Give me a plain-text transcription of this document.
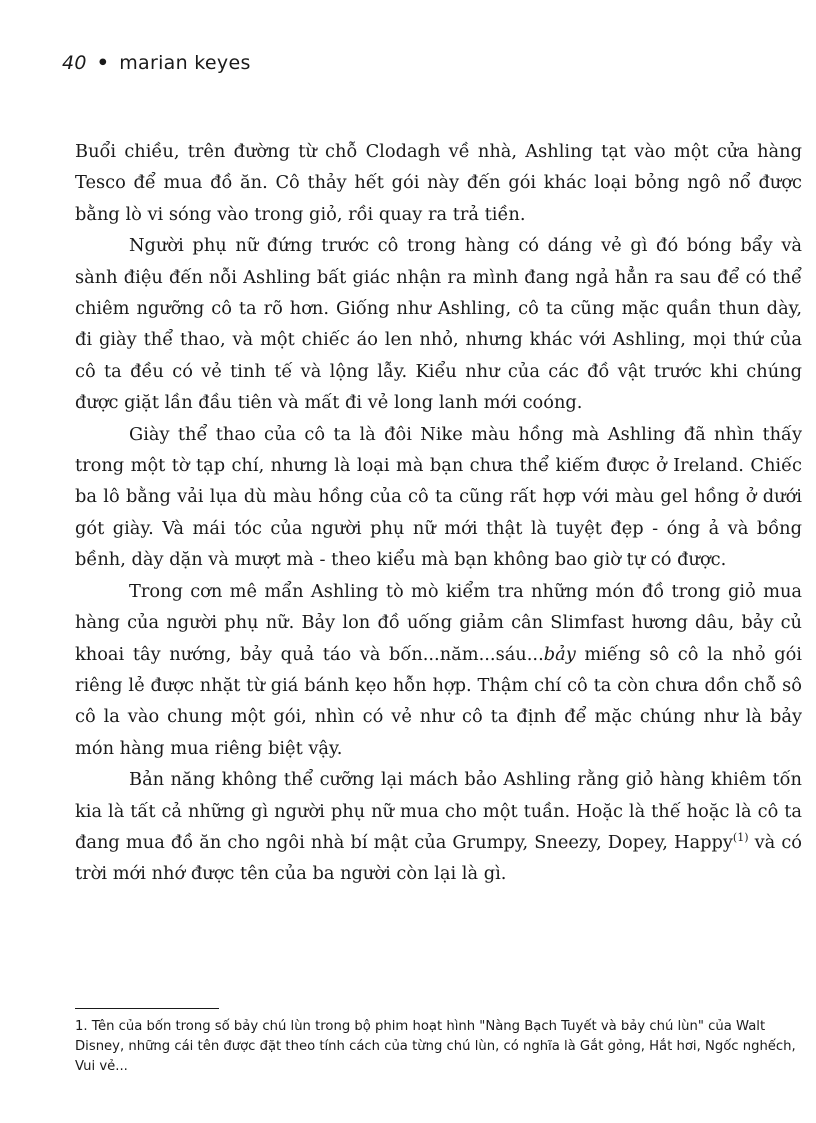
40 • marian keyes

Buổi chiều, trên đường từ chỗ Clodagh về nhà, Ashling tạt vào một cửa hàng Tesco để mua đồ ăn. Cô thảy hết gói này đến gói khác loại bỏng ngô nổ được bằng lò vi sóng vào trong giỏ, rồi quay ra trả tiền.

Người phụ nữ đứng trước cô trong hàng có dáng vẻ gì đó bóng bẩy và sành điệu đến nỗi Ashling bất giác nhận ra mình đang ngả hẳn ra sau để có thể chiêm ngưỡng cô ta rõ hơn. Giống như Ashling, cô ta cũng mặc quần thun dày, đi giày thể thao, và một chiếc áo len nhỏ, nhưng khác với Ashling, mọi thứ của cô ta đều có vẻ tinh tế và lộng lẫy. Kiểu như của các đồ vật trước khi chúng được giặt lần đầu tiên và mất đi vẻ long lanh mới coóng.

Giày thể thao của cô ta là đôi Nike màu hồng mà Ashling đã nhìn thấy trong một tờ tạp chí, nhưng là loại mà bạn chưa thể kiếm được ở Ireland. Chiếc ba lô bằng vải lụa dù màu hồng của cô ta cũng rất hợp với màu gel hồng ở dưới gót giày. Và mái tóc của người phụ nữ mới thật là tuyệt đẹp - óng ả và bồng bềnh, dày dặn và mượt mà - theo kiểu mà bạn không bao giờ tự có được.

Trong cơn mê mẩn Ashling tò mò kiểm tra những món đồ trong giỏ mua hàng của người phụ nữ. Bảy lon đồ uống giảm cân Slimfast hương dâu, bảy củ khoai tây nướng, bảy quả táo và bốn...năm...sáu...bảy miếng sô cô la nhỏ gói riêng lẻ được nhặt từ giá bánh kẹo hỗn hợp. Thậm chí cô ta còn chưa dồn chỗ sô cô la vào chung một gói, nhìn có vẻ như cô ta định để mặc chúng như là bảy món hàng mua riêng biệt vậy.

Bản năng không thể cưỡng lại mách bảo Ashling rằng giỏ hàng khiêm tốn kia là tất cả những gì người phụ nữ mua cho một tuần. Hoặc là thế hoặc là cô ta đang mua đồ ăn cho ngôi nhà bí mật của Grumpy, Sneezy, Dopey, Happy$^{(1)}$ và có trời mới nhớ được tên của ba người còn lại là gì.

1. Tên của bốn trong số bảy chú lùn trong bộ phim hoạt hình "Nàng Bạch Tuyết và bảy chú lùn" của Walt Disney, những cái tên được đặt theo tính cách của từng chú lùn, có nghĩa là Gắt gỏng, Hắt hơi, Ngốc nghếch, Vui vẻ...
